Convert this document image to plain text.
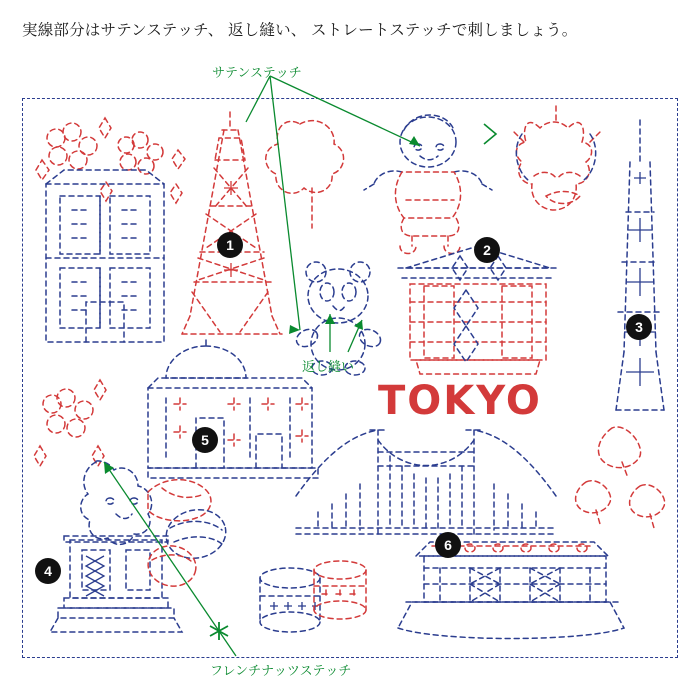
実線部分はサテンステッチ、 返し縫い、 ストレートステッチで刺しましょう。
TOKYO
サテンステッチ
返し縫い
フレンチナッツステッチ
1	2
3
4
5
6
